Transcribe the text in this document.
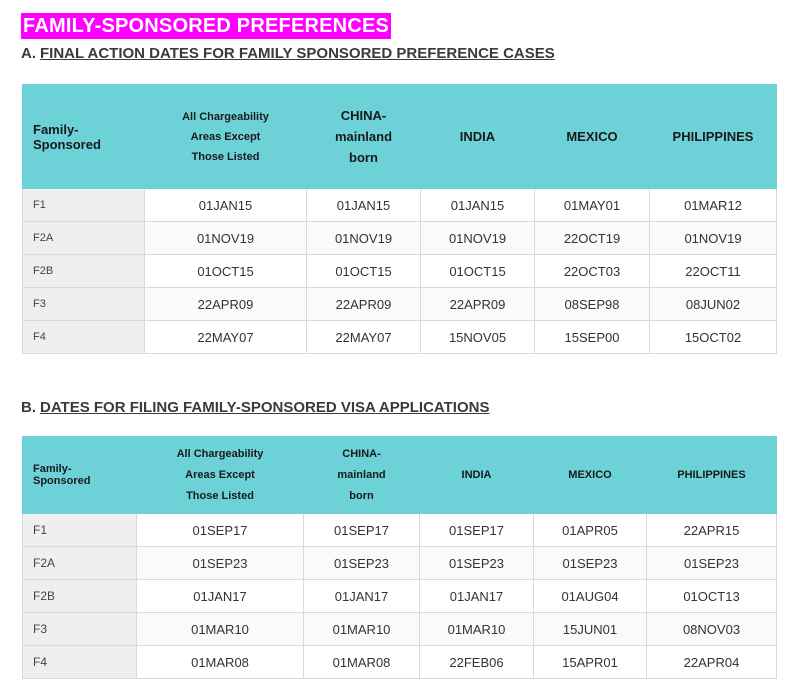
FAMILY-SPONSORED PREFERENCES
A. FINAL ACTION DATES FOR FAMILY SPONSORED PREFERENCE CASES
Family-
Sponsored	All Chargeability
Areas Except
Those Listed	CHINA-
mainland
born	INDIA	MEXICO	PHILIPPINES
F1	01JAN15	01JAN15	01JAN15	01MAY01	01MAR12
F2A	01NOV19	01NOV19	01NOV19	22OCT19	01NOV19
F2B	01OCT15	01OCT15	01OCT15	22OCT03	22OCT11
F3	22APR09	22APR09	22APR09	08SEP98	08JUN02
F4	22MAY07	22MAY07	15NOV05	15SEP00	15OCT02
B. DATES FOR FILING FAMILY-SPONSORED VISA APPLICATIONS
Family-
Sponsored	All Chargeability
Areas Except
Those Listed	CHINA-
mainland
born	INDIA	MEXICO	PHILIPPINES
F1	01SEP17	01SEP17	01SEP17	01APR05	22APR15
F2A	01SEP23	01SEP23	01SEP23	01SEP23	01SEP23
F2B	01JAN17	01JAN17	01JAN17	01AUG04	01OCT13
F3	01MAR10	01MAR10	01MAR10	15JUN01	08NOV03
F4	01MAR08	01MAR08	22FEB06	15APR01	22APR04
